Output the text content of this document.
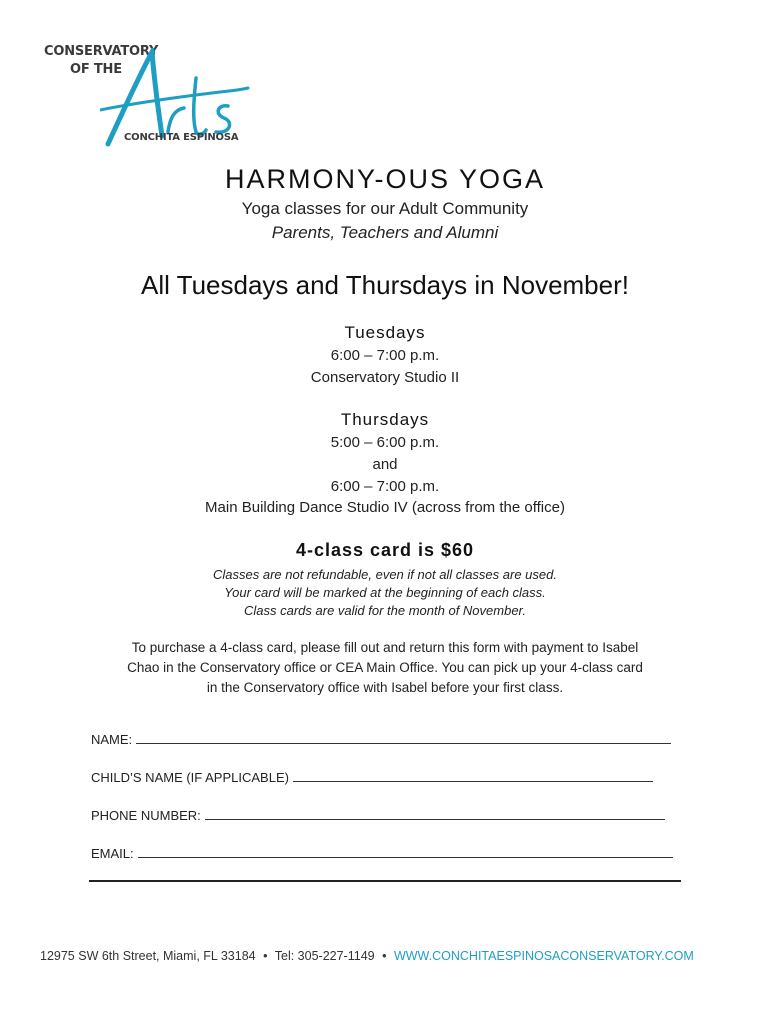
CONSERVATORY
OF THE
CONCHITA ESPINOSA
HARMONY-OUS YOGA
Yoga classes for our Adult Community
Parents, Teachers and Alumni
All Tuesdays and Thursdays in November!
Tuesdays
6:00 – 7:00 p.m.
Conservatory Studio II
Thursdays
5:00 – 6:00 p.m.
and
6:00 – 7:00 p.m.
Main Building Dance Studio IV (across from the office)
4-class card is $60
Classes are not refundable, even if not all classes are used.
Your card will be marked at the beginning of each class.
Class cards are valid for the month of November.
To purchase a 4-class card, please fill out and return this form with payment to Isabel
Chao in the Conservatory office or CEA Main Office. You can pick up your 4-class card
in the Conservatory office with Isabel before your first class.
NAME:
CHILD’S NAME (IF APPLICABLE)
PHONE NUMBER:
EMAIL:
12975 SW 6th Street, Miami, FL 33184 • Tel: 305-227-1149 • WWW.CONCHITAESPINOSACONSERVATORY.COM
